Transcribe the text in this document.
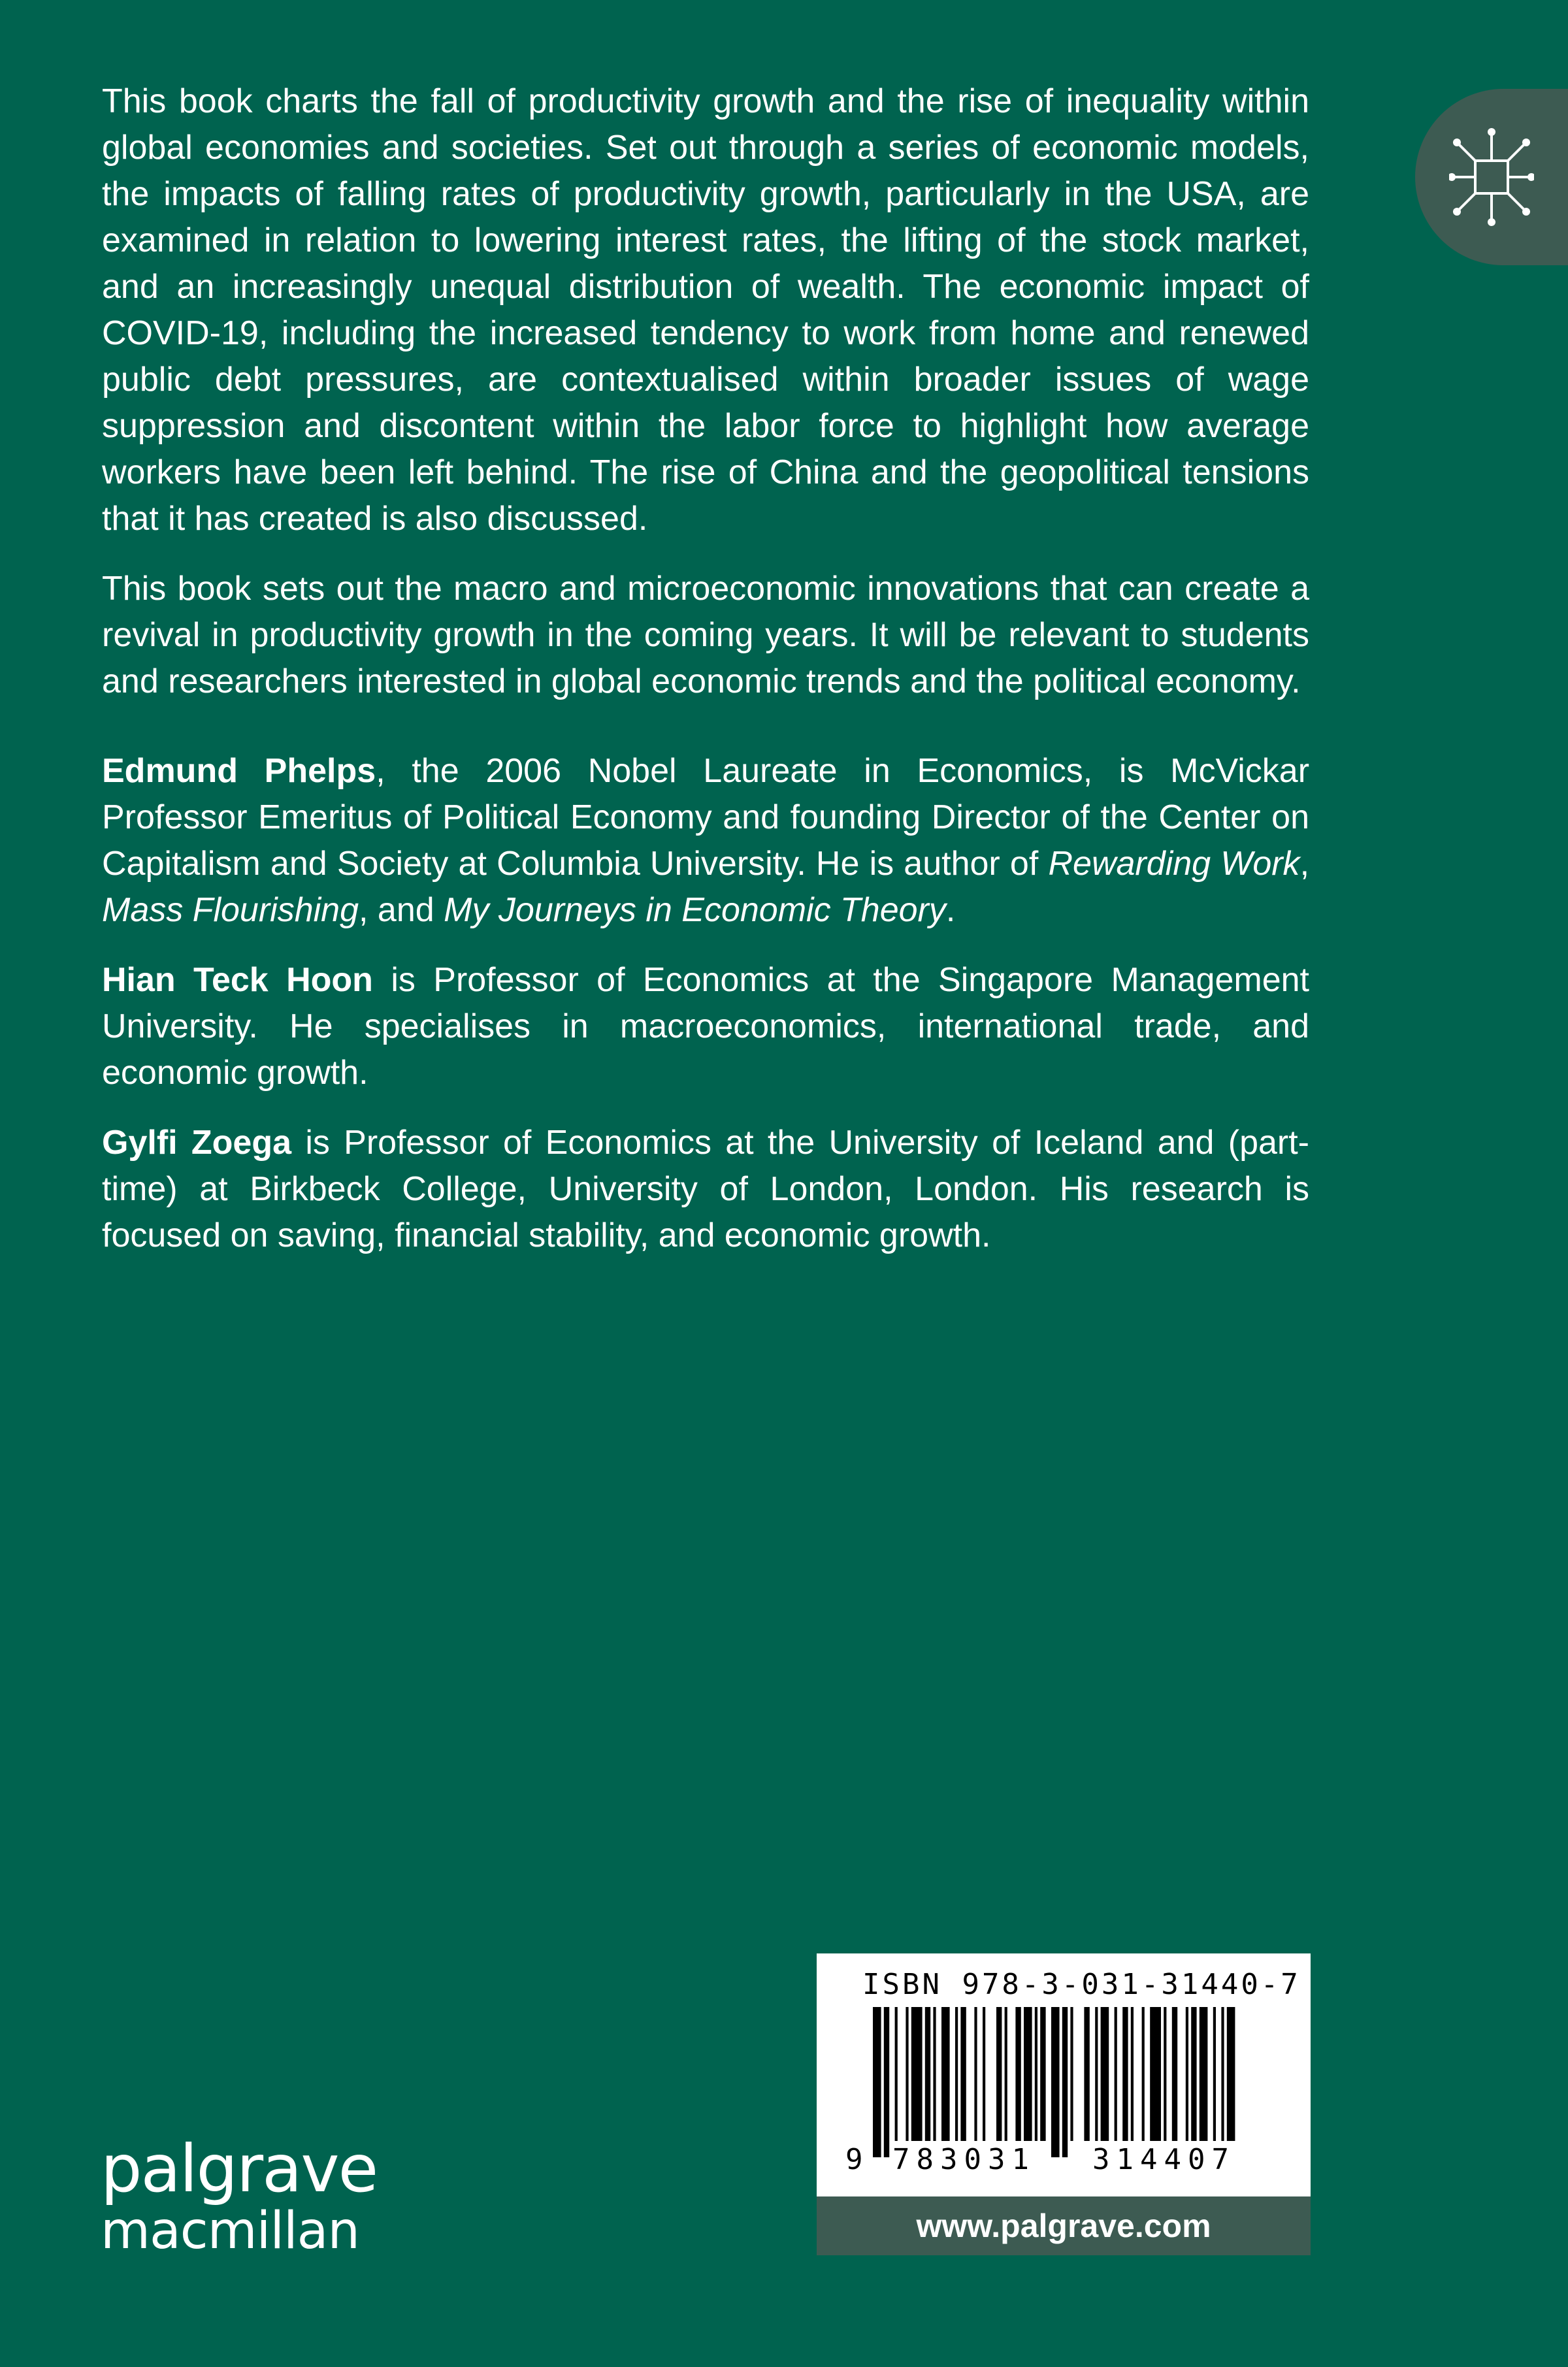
This book charts the fall of productivity growth and the rise of inequality within global economies and societies. Set out through a series of economic models, the impacts of falling rates of productivity growth, particularly in the USA, are examined in relation to lowering interest rates, the lifting of the stock market, and an increasingly unequal distribution of wealth. The economic impact of COVID-19, including the increased tendency to work from home and renewed public debt pressures, are contextualised within broader issues of wage suppression and discontent within the labor force to highlight how average workers have been left behind. The rise of China and the geopolitical tensions that it has created is also discussed.

This book sets out the macro and microeconomic innovations that can create a revival in productivity growth in the coming years. It will be relevant to students and researchers interested in global economic trends and the political economy.

Edmund Phelps, the 2006 Nobel Laureate in Economics, is McVickar Professor Emeritus of Political Economy and founding Director of the Center on Capitalism and Society at Columbia University. He is author of Rewarding Work, Mass Flourishing, and My Journeys in Economic Theory.

Hian Teck Hoon is Professor of Economics at the Singapore Management University. He specialises in macroeconomics, international trade, and economic growth.

Gylfi Zoega is Professor of Economics at the University of Iceland and (part-time) at Birkbeck College, University of London, London. His research is focused on saving, financial stability, and economic growth.

palgrave
macmillan
ISBN 978-3-031-31440-7
9 783031 314407
www.palgrave.com
